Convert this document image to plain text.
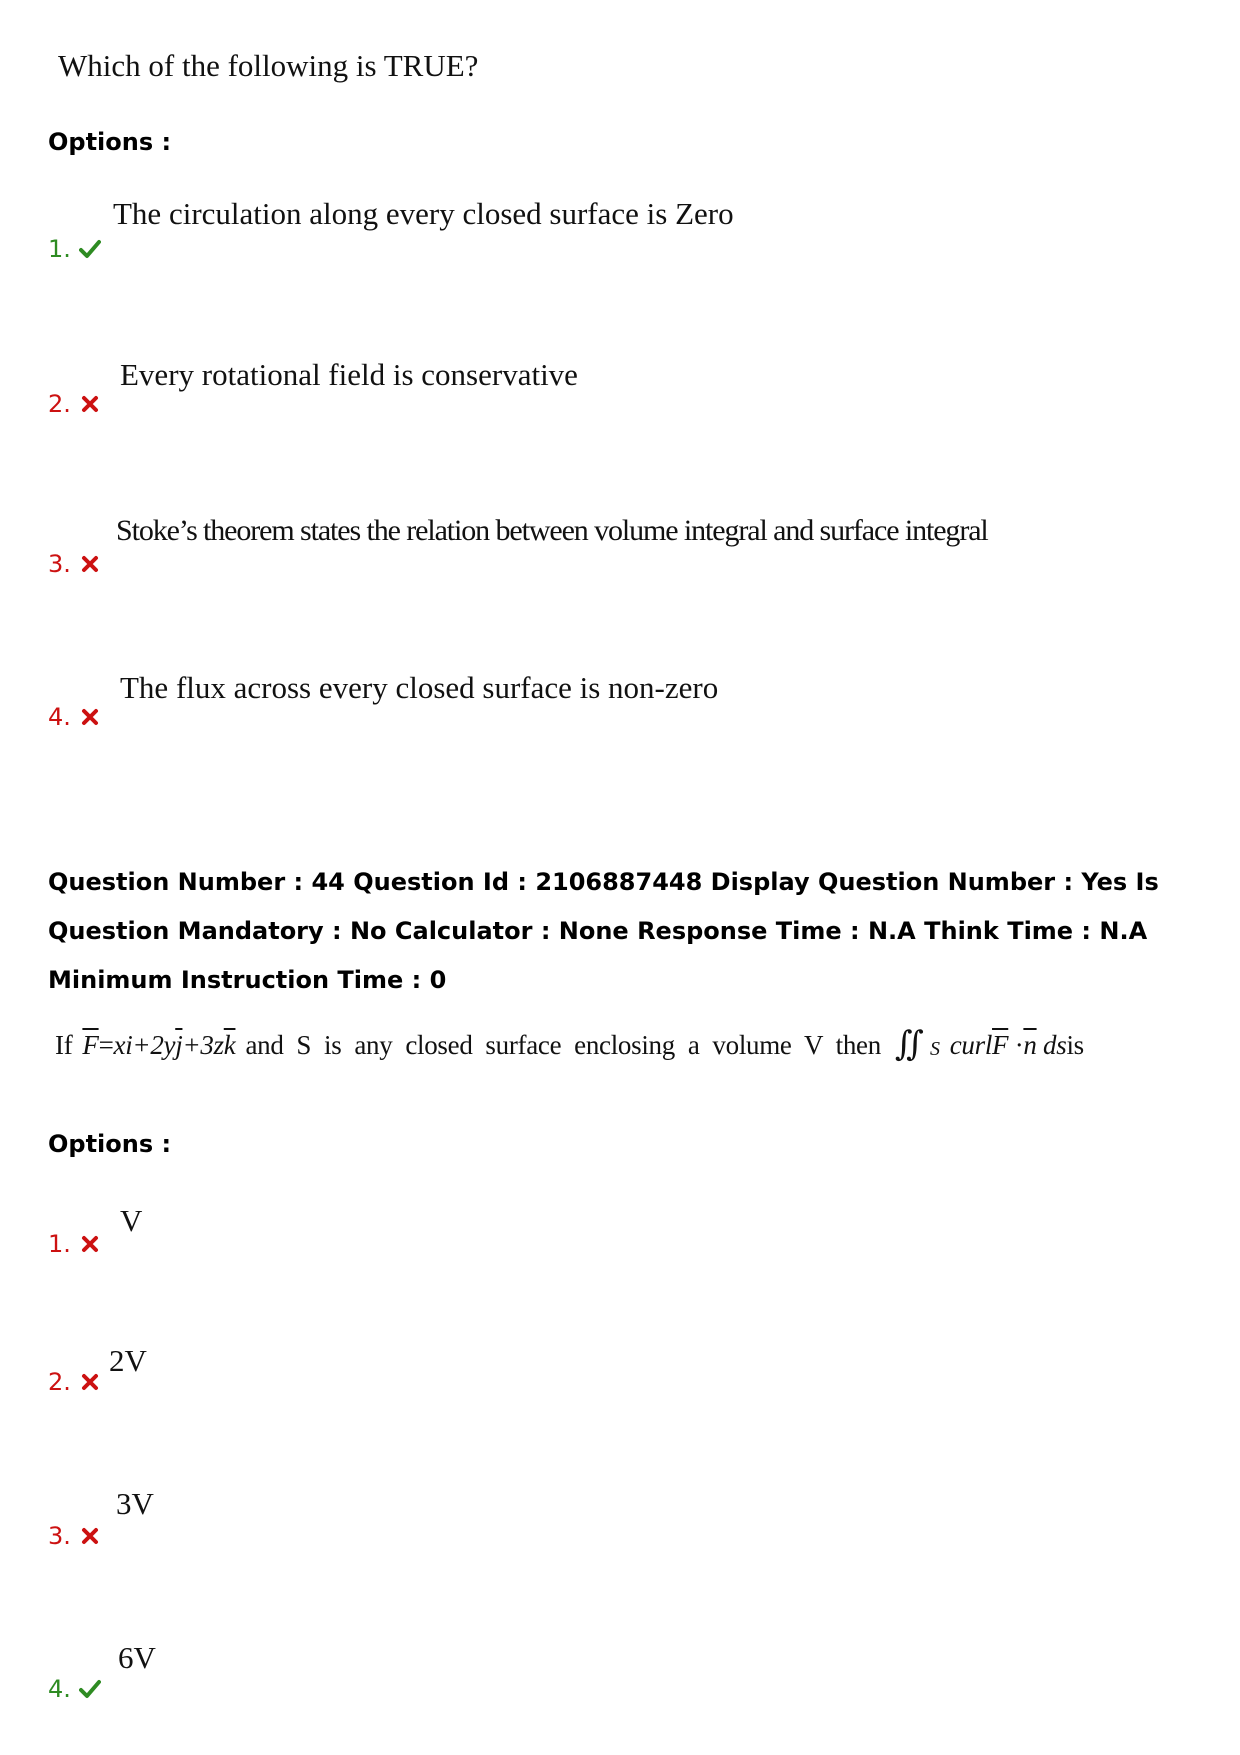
Which of the following is TRUE?
Options :
1.
The circulation along every closed surface is Zero
2.
Every rotational field is conservative
3.
Stoke’s theorem states the relation between volume integral and surface integral
4.
The flux across every closed surface is non-zero
Question Number : 44 Question Id : 2106887448 Display Question Number : Yes Is Question Mandatory : No Calculator : None Response Time : N.A Think Time : N.A Minimum Instruction Time : 0
If $\overline{F}=xi+2y\overline{j}+3z\overline{k}$ and  S  is  any  closed  surface  enclosing  a  volume  V  then ∬ S $curl\overline{F} \cdot\overline{n}$ dsis
Options :
1.
V
2.
2V
3.
3V
4.
6V
